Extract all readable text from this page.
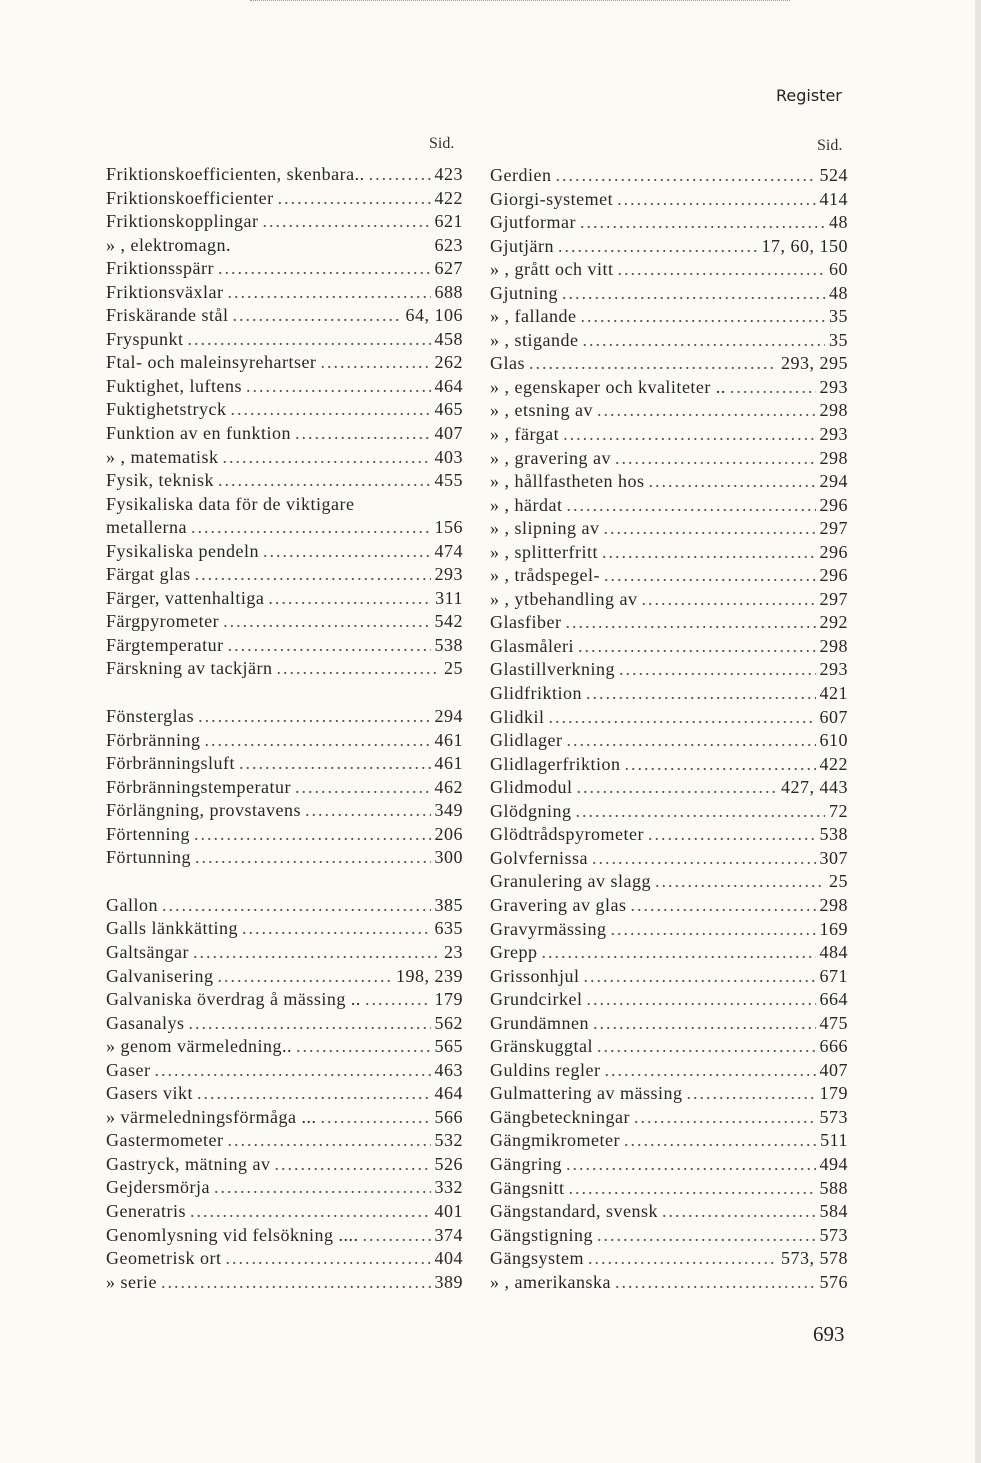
Register
Sid.	Sid.
Friktionskoefficienten, skenbara.. .....	423
Friktionskoefficienter .....	422
Friktionskopplingar .....	621
» , elektromagn.	623
Friktionsspärr .....	627
Friktionsväxlar .....	688
Friskärande stål .....	64, 106
Fryspunkt .....	458
Ftal- och maleinsyrehartser .....	262
Fuktighet, luftens .....	464
Fuktighetstryck .....	465
Funktion av en funktion .....	407
» , matematisk .....	403
Fysik, teknisk .....	455
Fysikaliska data för de viktigare
metallerna .....	156
Fysikaliska pendeln .....	474
Färgat glas .....	293
Färger, vattenhaltiga .....	311
Färgpyrometer .....	542
Färgtemperatur .....	538
Färskning av tackjärn .....	25
Fönsterglas .....	294
Förbränning .....	461
Förbränningsluft .....	461
Förbränningstemperatur .....	462
Förlängning, provstavens .....	349
Förtenning .....	206
Förtunning .....	300
Gallon .....	385
Galls länkkätting .....	635
Galtsängar .....	23
Galvanisering .....	198, 239
Galvaniska överdrag å mässing .. .....	179
Gasanalys .....	562
» genom värmeledning.. .....	565
Gaser .....	463
Gasers vikt .....	464
» värmeledningsförmåga ... .....	566
Gastermometer .....	532
Gastryck, mätning av .....	526
Gejdersmörja .....	332
Generatris .....	401
Genomlysning vid felsökning .... .....	374
Geometrisk ort .....	404
» serie .....	389
Gerdien .....	524
Giorgi-systemet .....	414
Gjutformar .....	48
Gjutjärn .....	17, 60, 150
» , grått och vitt .....	60
Gjutning .....	48
» , fallande .....	35
» , stigande .....	35
Glas .....	293, 295
» , egenskaper och kvaliteter .. .....	293
» , etsning av .....	298
» , färgat .....	293
» , gravering av .....	298
» , hållfastheten hos .....	294
» , härdat .....	296
» , slipning av .....	297
» , splitterfritt .....	296
» , trådspegel- .....	296
» , ytbehandling av .....	297
Glasfiber .....	292
Glasmåleri .....	298
Glastillverkning .....	293
Glidfriktion .....	421
Glidkil .....	607
Glidlager .....	610
Glidlagerfriktion .....	422
Glidmodul .....	427, 443
Glödgning .....	72
Glödtrådspyrometer .....	538
Golvfernissa .....	307
Granulering av slagg .....	25
Gravering av glas .....	298
Gravyrmässing .....	169
Grepp .....	484
Grissonhjul .....	671
Grundcirkel .....	664
Grundämnen .....	475
Gränskuggtal .....	666
Guldins regler .....	407
Gulmattering av mässing .....	179
Gängbeteckningar .....	573
Gängmikrometer .....	511
Gängring .....	494
Gängsnitt .....	588
Gängstandard, svensk .....	584
Gängstigning .....	573
Gängsystem .....	573, 578
» , amerikanska .....	576
693
